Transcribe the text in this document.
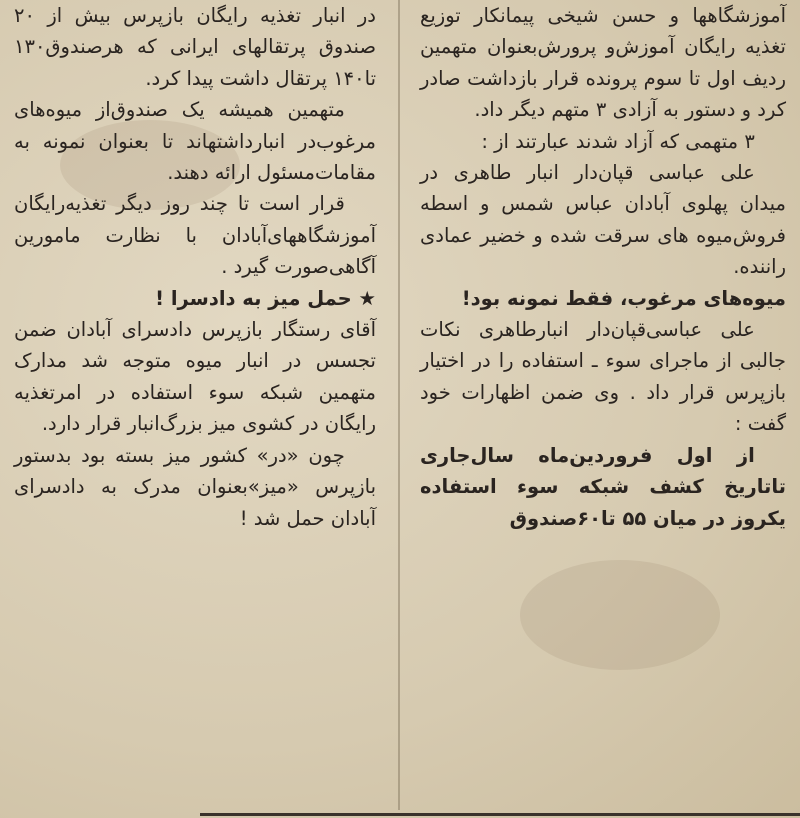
آموزشگاهها و حسن شیخی پیمانکار توزیع تغذیه رایگان آموزش‌و پرورش‌بعنوان متهمین ردیف اول تا سوم پرونده قرار بازداشت صادر کرد و دستور به آزادی ۳ متهم دیگر داد.

۳ متهمی که آزاد شدند عبارتند از :

علی عباسی قپان‌دار انبار طاهری در میدان پهلوی آبادان عباس شمس و اسطه فروش‌میوه های سرقت شده و خضیر عمادی راننده.

میوه‌های مرغوب، فقط نمونه بود!

علی عباسی‌قپان‌دار انبارطاهری نکات جالبی از ماجرای سوء ـ استفاده را در اختیار بازپرس قرار داد . وی ضمن اظهارات خود گفت :

از اول فروردین‌ماه سال‌جاری تاتاریخ کشف شبکه سوء استفاده یکروز در میان ۵۵ تا۶۰صندوق

در انبار تغذیه رایگان بازپرس بیش از ۲۰ صندوق پرتقالهای ایرانی که هرصندوق۱۳۰ تا۱۴۰ پرتقال داشت پیدا کرد.

متهمین همیشه یک صندوق‌از میوه‌های مرغوب‌در انبارداشتهاند تا بعنوان نمونه به مقامات‌مسئول ارائه دهند.

قرار است تا چند روز دیگر تغذیه‌رایگان آموزشگاههای‌آبادان با نظارت مامورین آگاهی‌صورت گیرد .

★ حمل میز به دادسرا !

آقای رستگار بازپرس دادسرای آبادان ضمن تجسس در انبار میوه متوجه شد مدارک متهمین شبکه سوء استفاده در امرتغذیه رایگان در کشوی میز بزرگ‌انبار قرار دارد.

چون «در» کشور میز بسته بود بدستور بازپرس «میز»بعنوان مدرک به دادسرای آبادان حمل شد !
